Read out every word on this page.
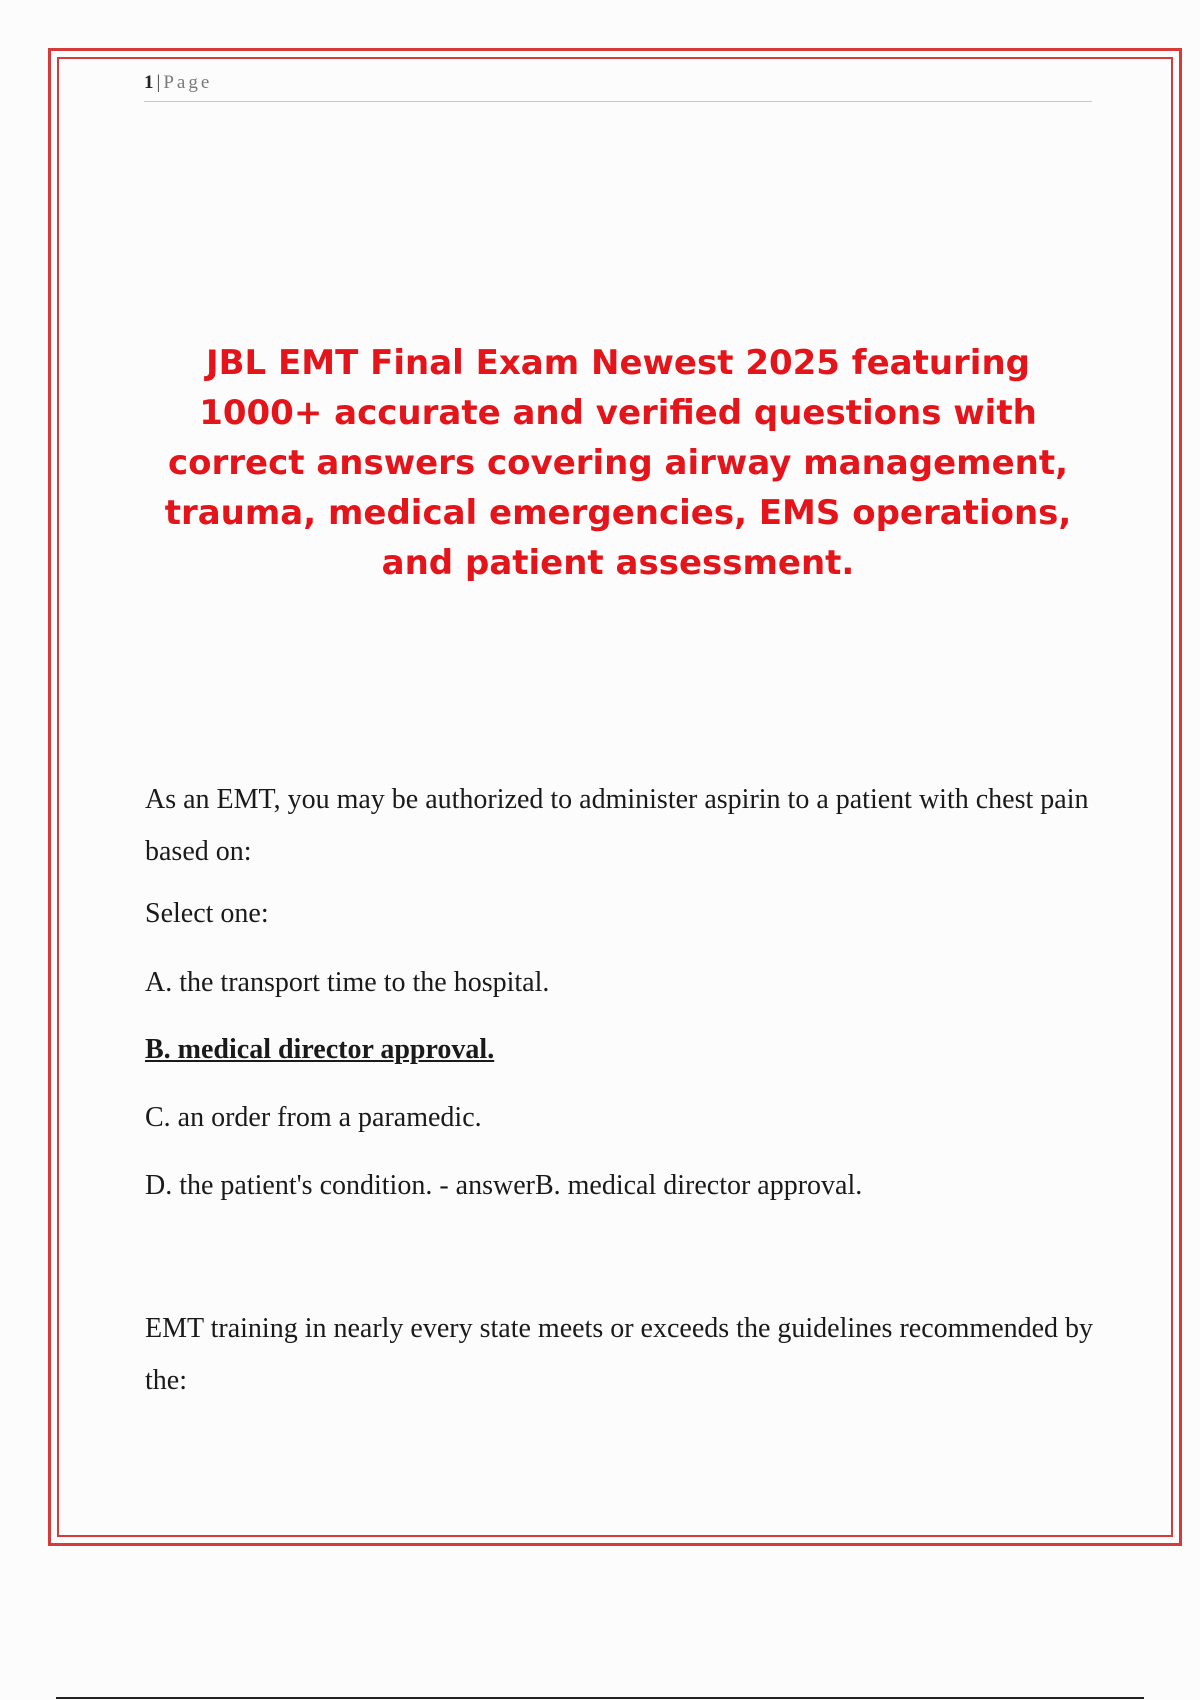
1 | Page
JBL EMT Final Exam Newest 2025 featuring 1000+ accurate and verified questions with correct answers covering airway management, trauma, medical emergencies, EMS operations, and patient assessment.

As an EMT, you may be authorized to administer aspirin to a patient with chest pain based on:

Select one:

A. the transport time to the hospital.

B. medical director approval.

C. an order from a paramedic.

D. the patient's condition. - answerB. medical director approval.

EMT training in nearly every state meets or exceeds the guidelines recommended by the:
